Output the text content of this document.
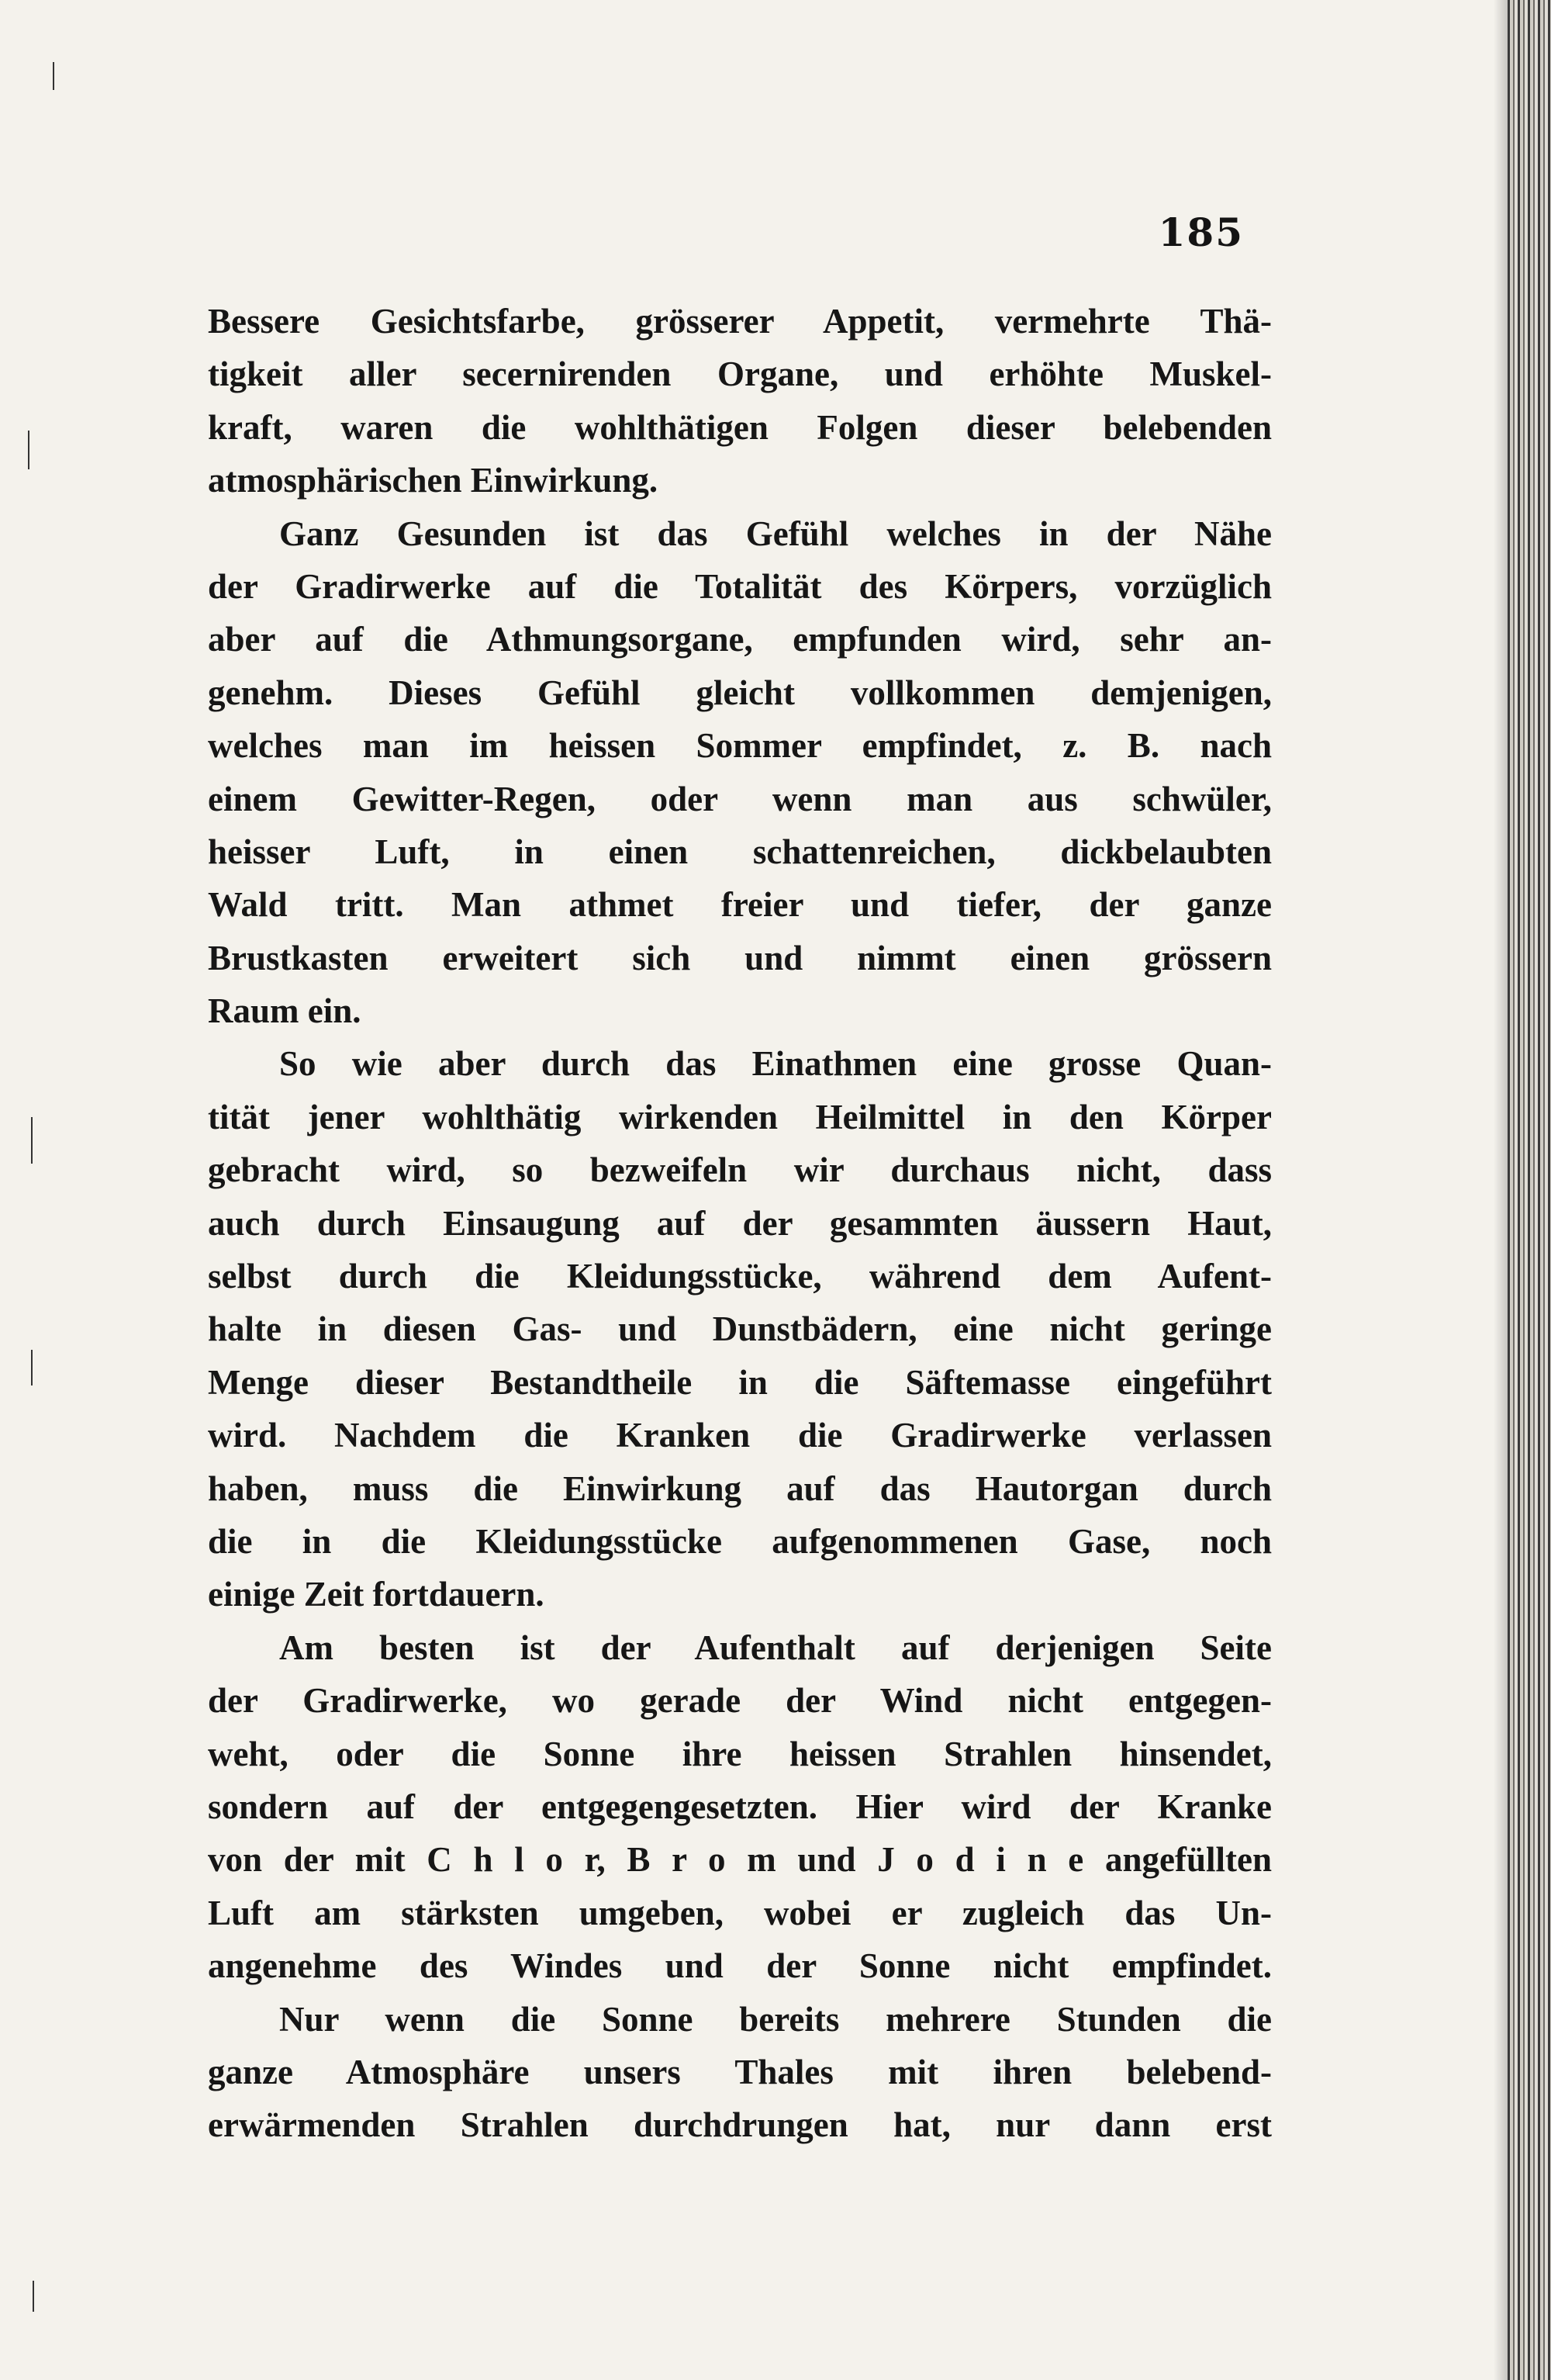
185
Bessere Gesichtsfarbe, grösserer Appetit, vermehrte Thä-
tigkeit aller secernirenden Organe, und erhöhte Muskel-
kraft, waren die wohlthätigen Folgen dieser belebenden
atmosphärischen Einwirkung.
Ganz Gesunden ist das Gefühl welches in der Nähe
der Gradirwerke auf die Totalität des Körpers, vorzüglich
aber auf die Athmungsorgane, empfunden wird, sehr an-
genehm. Dieses Gefühl gleicht vollkommen demjenigen,
welches man im heissen Sommer empfindet, z. B. nach
einem Gewitter-Regen, oder wenn man aus schwüler,
heisser Luft, in einen schattenreichen, dickbelaubten
Wald tritt. Man athmet freier und tiefer, der ganze
Brustkasten erweitert sich und nimmt einen grössern
Raum ein.
So wie aber durch das Einathmen eine grosse Quan-
tität jener wohlthätig wirkenden Heilmittel in den Körper
gebracht wird, so bezweifeln wir durchaus nicht, dass
auch durch Einsaugung auf der gesammten äussern Haut,
selbst durch die Kleidungsstücke, während dem Aufent-
halte in diesen Gas- und Dunstbädern, eine nicht geringe
Menge dieser Bestandtheile in die Säftemasse eingeführt
wird. Nachdem die Kranken die Gradirwerke verlassen
haben, muss die Einwirkung auf das Hautorgan durch
die in die Kleidungsstücke aufgenommenen Gase, noch
einige Zeit fortdauern.
Am besten ist der Aufenthalt auf derjenigen Seite
der Gradirwerke, wo gerade der Wind nicht entgegen-
weht, oder die Sonne ihre heissen Strahlen hinsendet,
sondern auf der entgegengesetzten. Hier wird der Kranke
von der mit C h l o r, B r o m und J o d i n e angefüllten
Luft am stärksten umgeben, wobei er zugleich das Un-
angenehme des Windes und der Sonne nicht empfindet.
Nur wenn die Sonne bereits mehrere Stunden die
ganze Atmosphäre unsers Thales mit ihren belebend-
erwärmenden Strahlen durchdrungen hat, nur dann erst
